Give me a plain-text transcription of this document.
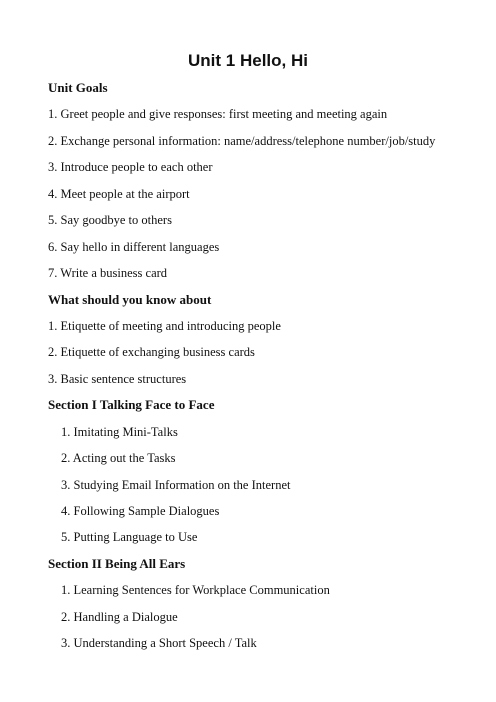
Unit 1 Hello, Hi
Unit Goals
1. Greet people and give responses: first meeting and meeting again
2. Exchange personal information: name/address/telephone number/job/study
3. Introduce people to each other
4. Meet people at the airport
5. Say goodbye to others
6. Say hello in different languages
7. Write a business card
What should you know about
1. Etiquette of meeting and introducing people
2. Etiquette of exchanging business cards
3. Basic sentence structures
Section I Talking Face to Face
1. Imitating Mini-Talks
2. Acting out the Tasks
3. Studying Email Information on the Internet
4. Following Sample Dialogues
5. Putting Language to Use
Section II Being All Ears
1. Learning Sentences for Workplace Communication
2. Handling a Dialogue
3. Understanding a Short Speech / Talk
